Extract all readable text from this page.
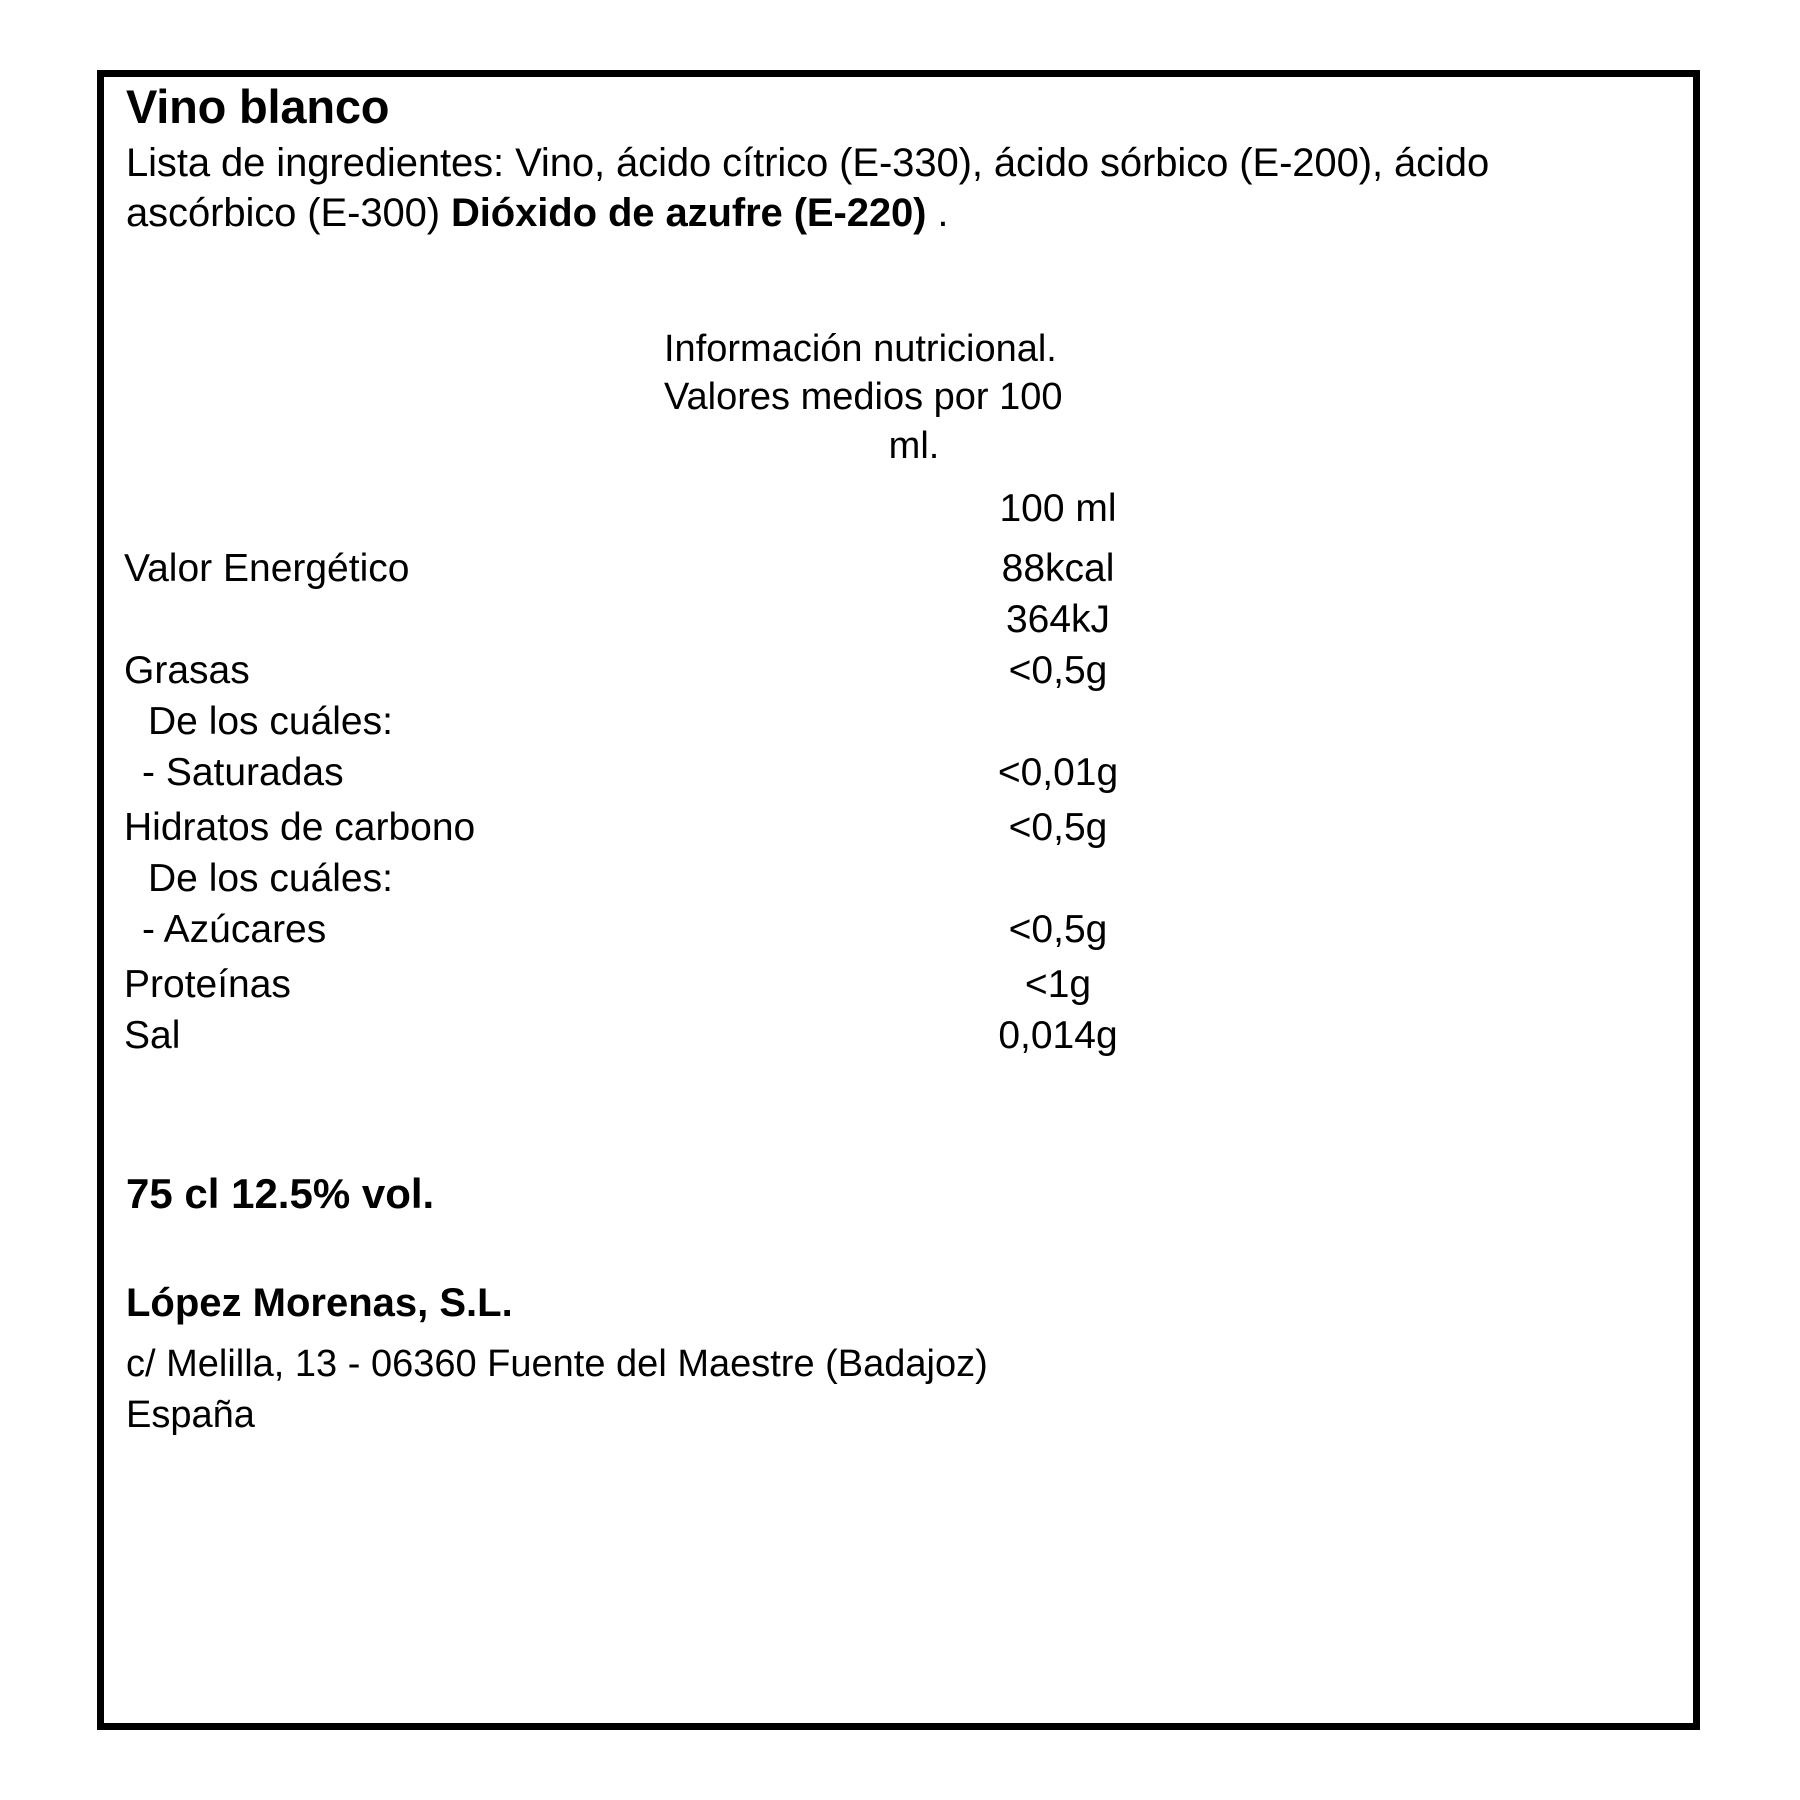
Vino blanco
Lista de ingredientes: Vino, ácido cítrico (E-330), ácido sórbico (E-200), ácido ascórbico (E-300) Dióxido de azufre (E-220) .
Información nutricional.
Valores medios por 100
ml.
	100 ml	
Valor Energético	88kcal	
	364kJ	
Grasas	<0,5g	
De los cuáles:		
- Saturadas	<0,01g	
Hidratos de carbono	<0,5g	
De los cuáles:		
- Azúcares	<0,5g	
Proteínas	<1g	
Sal	0,014g	
75 cl 12.5% vol.
López Morenas, S.L.
c/ Melilla, 13 - 06360 Fuente del Maestre (Badajoz)
España
